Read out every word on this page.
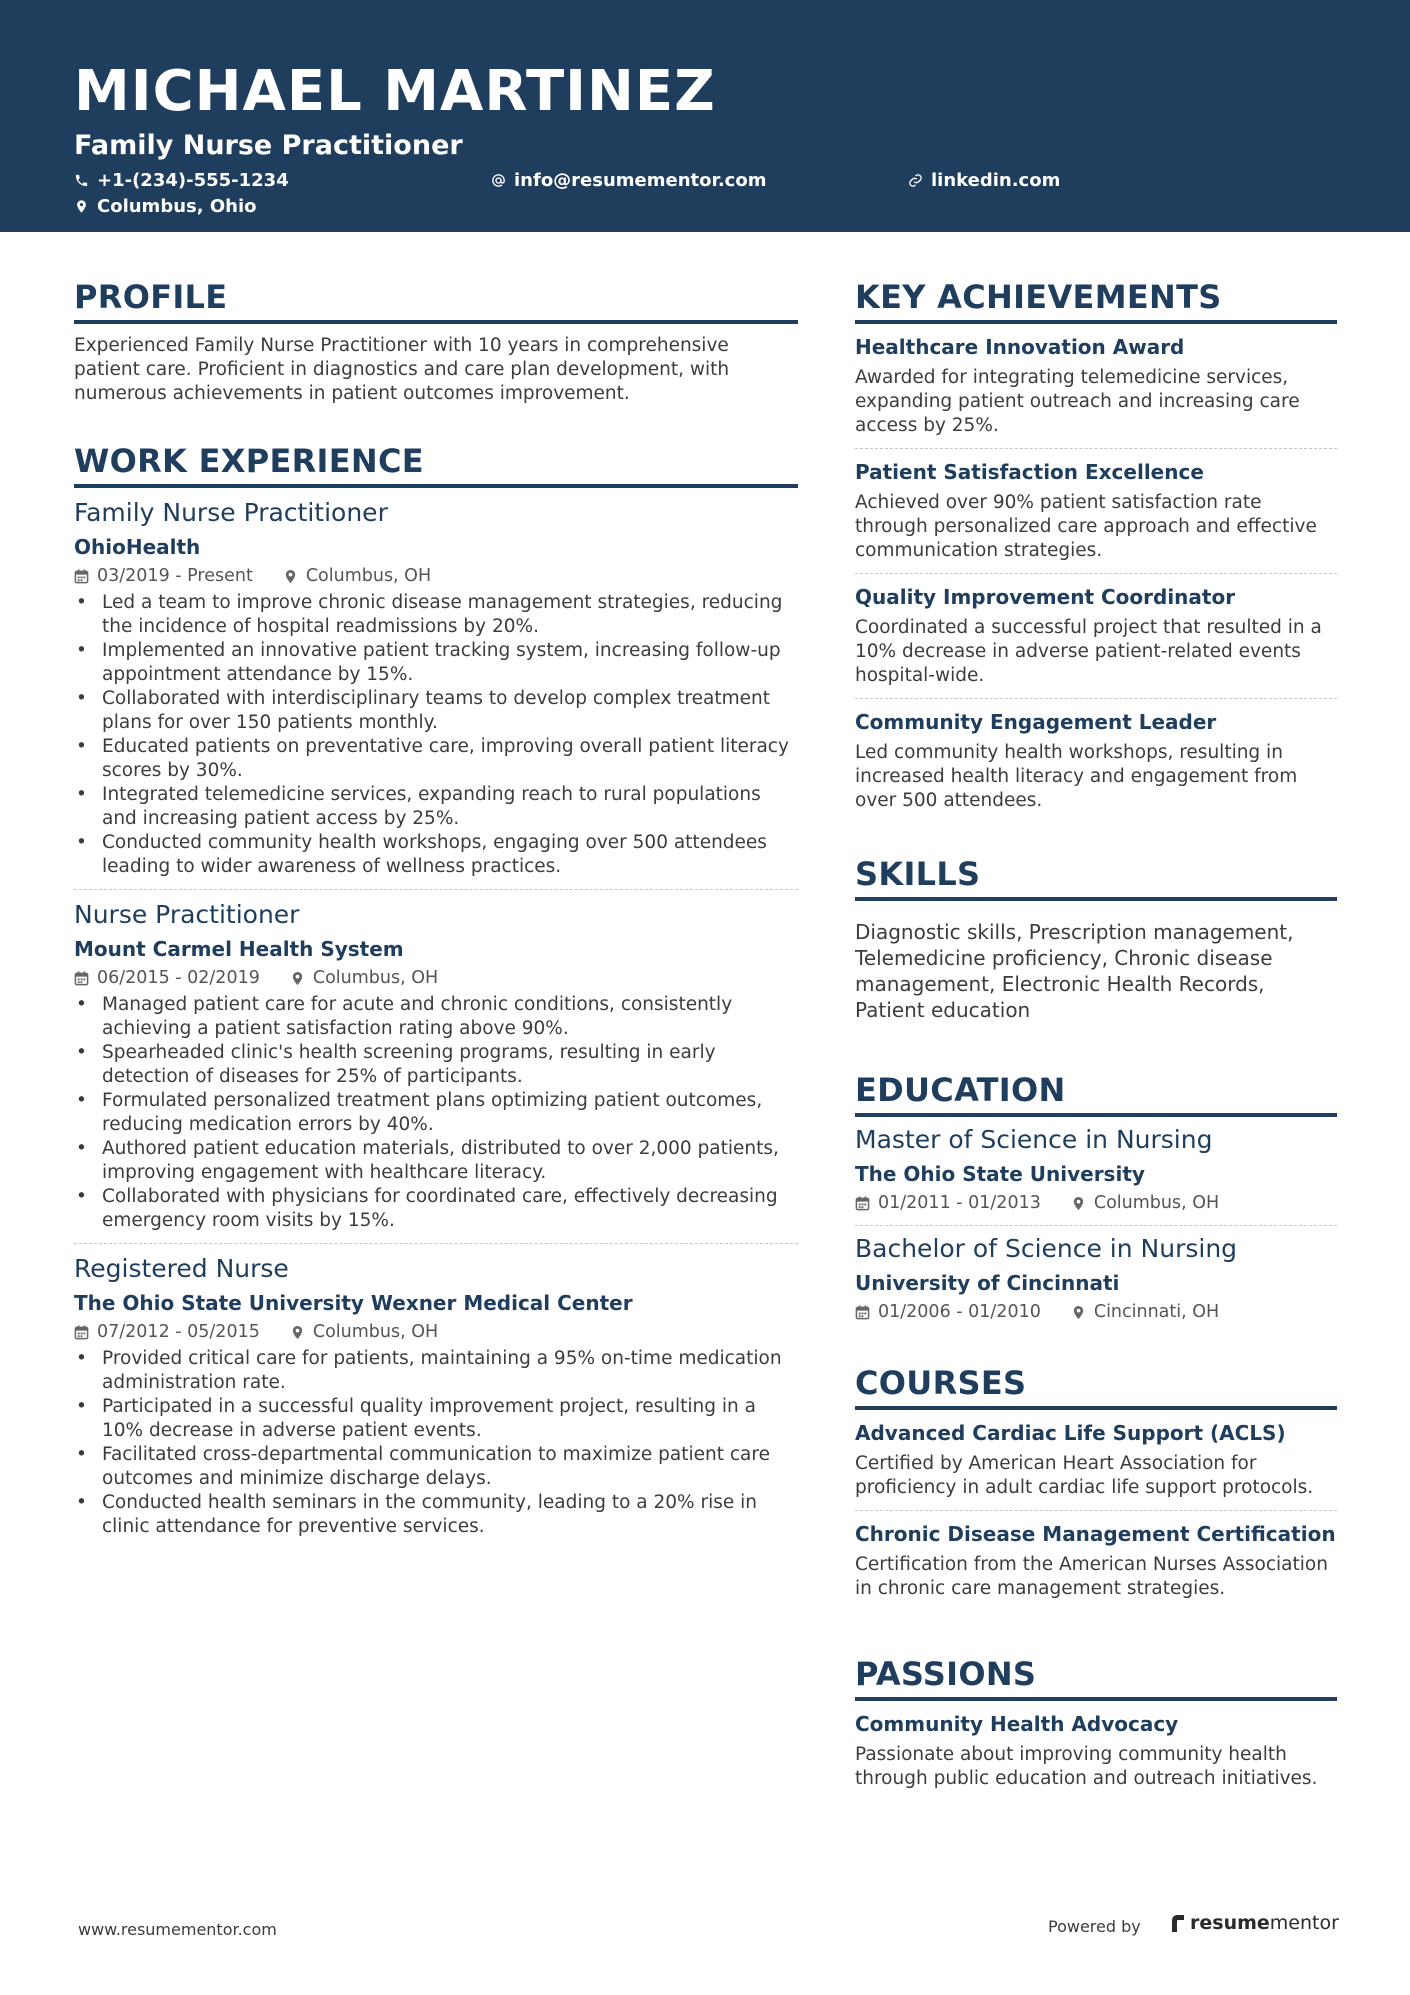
MICHAEL MARTINEZ
Family Nurse Practitioner
+1-(234)-555-1234	info@resumementor.com	linkedin.com
Columbus, Ohio
PROFILE
Experienced Family Nurse Practitioner with 10 years in comprehensive patient care. Proficient in diagnostics and care plan development, with numerous achievements in patient outcomes improvement.
WORK EXPERIENCE
Family Nurse Practitioner
OhioHealth
03/2019 - Present	Columbus, OH
• Led a team to improve chronic disease management strategies, reducing the incidence of hospital readmissions by 20%.
• Implemented an innovative patient tracking system, increasing follow-up appointment attendance by 15%.
• Collaborated with interdisciplinary teams to develop complex treatment plans for over 150 patients monthly.
• Educated patients on preventative care, improving overall patient literacy scores by 30%.
• Integrated telemedicine services, expanding reach to rural populations and increasing patient access by 25%.
• Conducted community health workshops, engaging over 500 attendees leading to wider awareness of wellness practices.
Nurse Practitioner
Mount Carmel Health System
06/2015 - 02/2019	Columbus, OH
• Managed patient care for acute and chronic conditions, consistently achieving a patient satisfaction rating above 90%.
• Spearheaded clinic's health screening programs, resulting in early detection of diseases for 25% of participants.
• Formulated personalized treatment plans optimizing patient outcomes, reducing medication errors by 40%.
• Authored patient education materials, distributed to over 2,000 patients, improving engagement with healthcare literacy.
• Collaborated with physicians for coordinated care, effectively decreasing emergency room visits by 15%.
Registered Nurse
The Ohio State University Wexner Medical Center
07/2012 - 05/2015	Columbus, OH
• Provided critical care for patients, maintaining a 95% on-time medication administration rate.
• Participated in a successful quality improvement project, resulting in a 10% decrease in adverse patient events.
• Facilitated cross-departmental communication to maximize patient care outcomes and minimize discharge delays.
• Conducted health seminars in the community, leading to a 20% rise in clinic attendance for preventive services.
KEY ACHIEVEMENTS
Healthcare Innovation Award
Awarded for integrating telemedicine services, expanding patient outreach and increasing care access by 25%.
Patient Satisfaction Excellence
Achieved over 90% patient satisfaction rate through personalized care approach and effective communication strategies.
Quality Improvement Coordinator
Coordinated a successful project that resulted in a 10% decrease in adverse patient-related events hospital-wide.
Community Engagement Leader
Led community health workshops, resulting in increased health literacy and engagement from over 500 attendees.
SKILLS
Diagnostic skills, Prescription management, Telemedicine proficiency, Chronic disease management, Electronic Health Records, Patient education
EDUCATION
Master of Science in Nursing
The Ohio State University
01/2011 - 01/2013	Columbus, OH
Bachelor of Science in Nursing
University of Cincinnati
01/2006 - 01/2010	Cincinnati, OH
COURSES
Advanced Cardiac Life Support (ACLS)
Certified by American Heart Association for proficiency in adult cardiac life support protocols.
Chronic Disease Management Certification
Certification from the American Nurses Association in chronic care management strategies.
PASSIONS
Community Health Advocacy
Passionate about improving community health through public education and outreach initiatives.
www.resumementor.com	Powered by	resumementor
